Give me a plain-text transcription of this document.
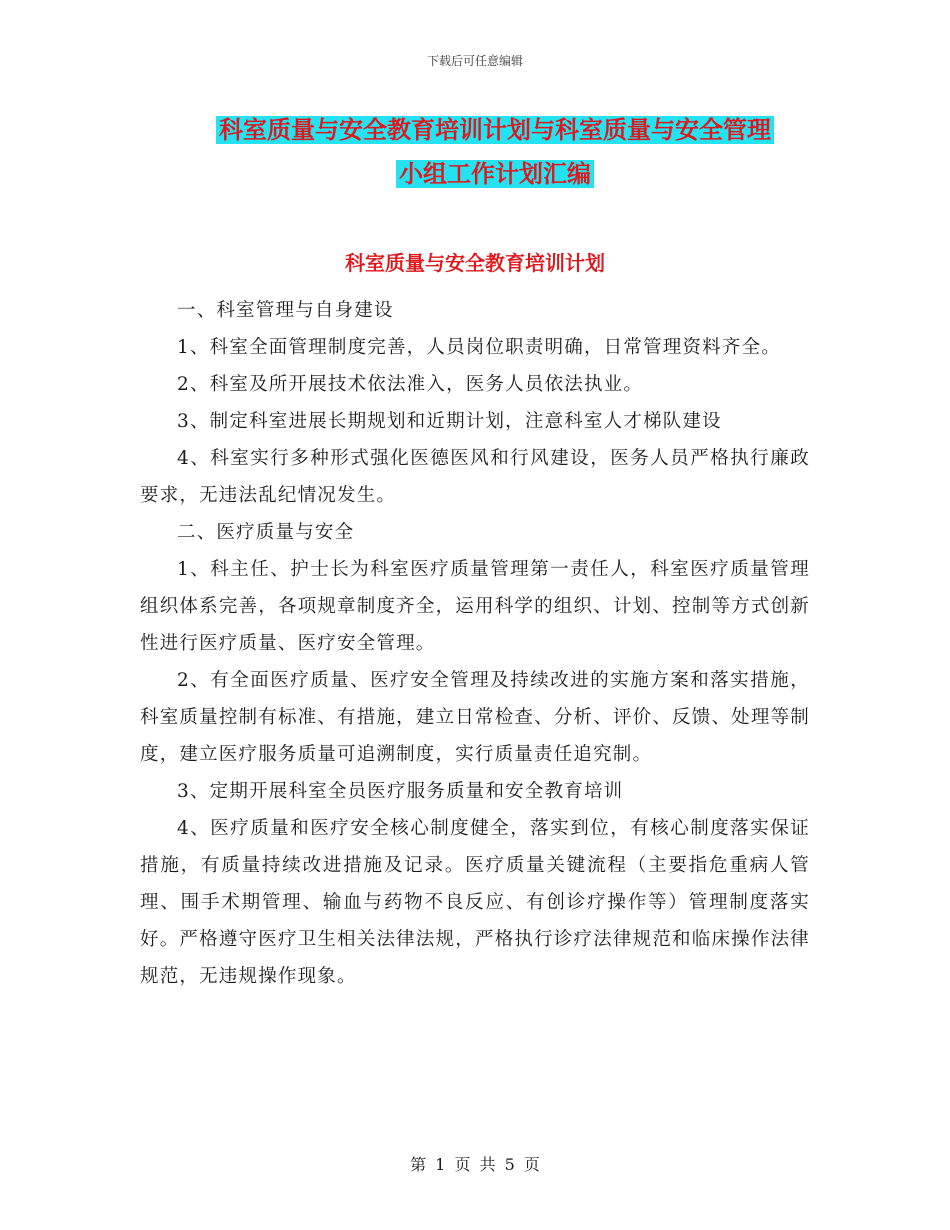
下载后可任意编辑
科室质量与安全教育培训计划与科室质量与安全管理
小组工作计划汇编
科室质量与安全教育培训计划

一、科室管理与自身建设

1、科室全面管理制度完善，人员岗位职责明确，日常管理资料齐全。

2、科室及所开展技术依法准入，医务人员依法执业。

3、制定科室进展长期规划和近期计划，注意科室人才梯队建设

4、科室实行多种形式强化医德医风和行风建设，医务人员严格执行廉政要求，无违法乱纪情况发生。

二、医疗质量与安全

1、科主任、护士长为科室医疗质量管理第一责任人，科室医疗质量管理组织体系完善，各项规章制度齐全，运用科学的组织、计划、控制等方式创新性进行医疗质量、医疗安全管理。

2、有全面医疗质量、医疗安全管理及持续改进的实施方案和落实措施，科室质量控制有标准、有措施，建立日常检查、分析、评价、反馈、处理等制度，建立医疗服务质量可追溯制度，实行质量责任追究制。

3、定期开展科室全员医疗服务质量和安全教育培训

4、医疗质量和医疗安全核心制度健全，落实到位，有核心制度落实保证措施，有质量持续改进措施及记录。医疗质量关键流程（主要指危重病人管理、围手术期管理、输血与药物不良反应、有创诊疗操作等）管理制度落实好。严格遵守医疗卫生相关法律法规，严格执行诊疗法律规范和临床操作法律规范，无违规操作现象。

第 1 页 共 5 页
